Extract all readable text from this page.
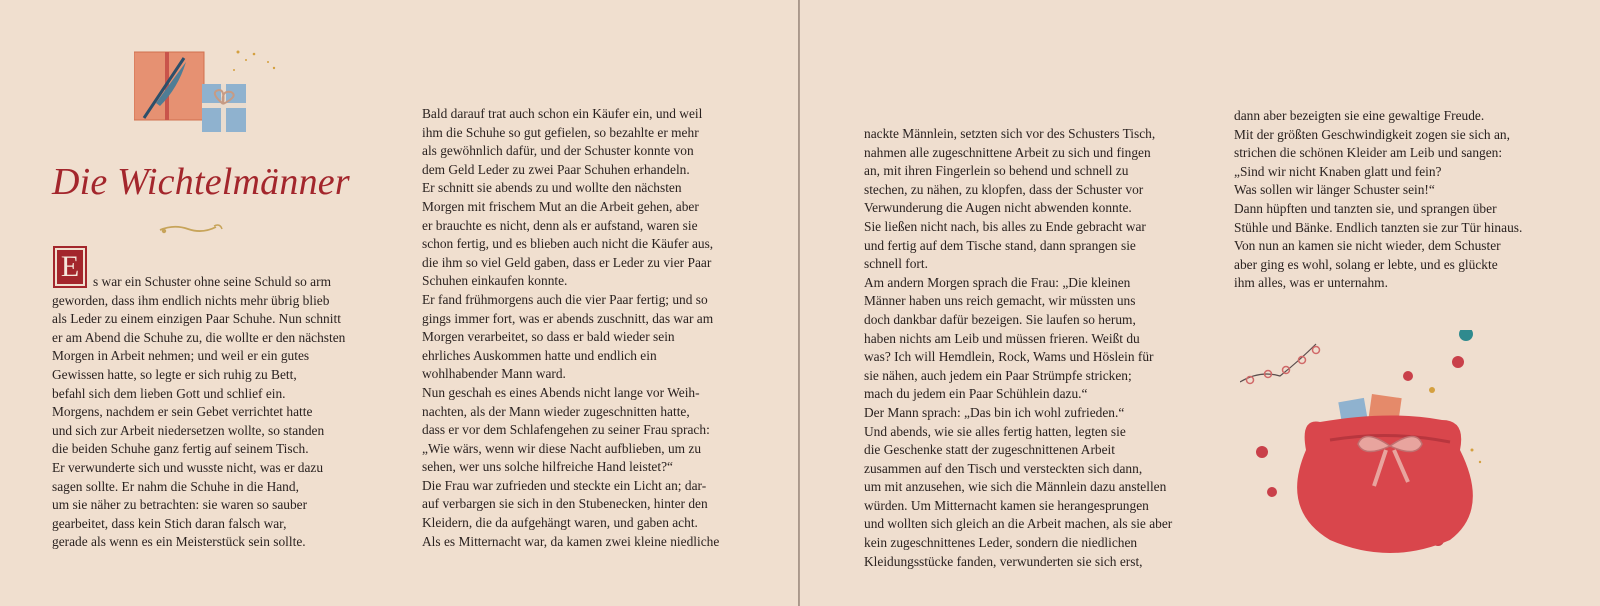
Die Wichtelmänner
E s war ein Schuster ohne seine Schuld so arm
geworden, dass ihm endlich nichts mehr übrig blieb
als Leder zu einem einzigen Paar Schuhe. Nun schnitt
er am Abend die Schuhe zu, die wollte er den nächsten
Morgen in Arbeit nehmen; und weil er ein gutes
Gewissen hatte, so legte er sich ruhig zu Bett,
befahl sich dem lieben Gott und schlief ein.
Morgens, nachdem er sein Gebet verrichtet hatte
und sich zur Arbeit niedersetzen wollte, so standen
die beiden Schuhe ganz fertig auf seinem Tisch.
Er verwunderte sich und wusste nicht, was er dazu
sagen sollte. Er nahm die Schuhe in die Hand,
um sie näher zu betrachten: sie waren so sauber
gearbeitet, dass kein Stich daran falsch war,
gerade als wenn es ein Meisterstück sein sollte.
Bald darauf trat auch schon ein Käufer ein, und weil
ihm die Schuhe so gut gefielen, so bezahlte er mehr
als gewöhnlich dafür, und der Schuster konnte von
dem Geld Leder zu zwei Paar Schuhen erhandeln.
Er schnitt sie abends zu und wollte den nächsten
Morgen mit frischem Mut an die Arbeit gehen, aber
er brauchte es nicht, denn als er aufstand, waren sie
schon fertig, und es blieben auch nicht die Käufer aus,
die ihm so viel Geld gaben, dass er Leder zu vier Paar
Schuhen einkaufen konnte.
Er fand frühmorgens auch die vier Paar fertig; und so
gings immer fort, was er abends zuschnitt, das war am
Morgen verarbeitet, so dass er bald wieder sein
ehrliches Auskommen hatte und endlich ein
wohlhabender Mann ward.
Nun geschah es eines Abends nicht lange vor Weih-
nachten, als der Mann wieder zugeschnitten hatte,
dass er vor dem Schlafengehen zu seiner Frau sprach:
„Wie wärs, wenn wir diese Nacht aufblieben, um zu
sehen, wer uns solche hilfreiche Hand leistet?“
Die Frau war zufrieden und steckte ein Licht an; dar-
auf verbargen sie sich in den Stubenecken, hinter den
Kleidern, die da aufgehängt waren, und gaben acht.
Als es Mitternacht war, da kamen zwei kleine niedliche
nackte Männlein, setzten sich vor des Schusters Tisch,
nahmen alle zugeschnittene Arbeit zu sich und fingen
an, mit ihren Fingerlein so behend und schnell zu
stechen, zu nähen, zu klopfen, dass der Schuster vor
Verwunderung die Augen nicht abwenden konnte.
Sie ließen nicht nach, bis alles zu Ende gebracht war
und fertig auf dem Tische stand, dann sprangen sie
schnell fort.
Am andern Morgen sprach die Frau: „Die kleinen
Männer haben uns reich gemacht, wir müssten uns
doch dankbar dafür bezeigen. Sie laufen so herum,
haben nichts am Leib und müssen frieren. Weißt du
was? Ich will Hemdlein, Rock, Wams und Höslein für
sie nähen, auch jedem ein Paar Strümpfe stricken;
mach du jedem ein Paar Schühlein dazu.“
Der Mann sprach: „Das bin ich wohl zufrieden.“
Und abends, wie sie alles fertig hatten, legten sie
die Geschenke statt der zugeschnittenen Arbeit
zusammen auf den Tisch und versteckten sich dann,
um mit anzusehen, wie sich die Männlein dazu anstellen
würden. Um Mitternacht kamen sie herangesprungen
und wollten sich gleich an die Arbeit machen, als sie aber
kein zugeschnittenes Leder, sondern die niedlichen
Kleidungsstücke fanden, verwunderten sie sich erst,
dann aber bezeigten sie eine gewaltige Freude.
Mit der größten Geschwindigkeit zogen sie sich an,
strichen die schönen Kleider am Leib und sangen:
„Sind wir nicht Knaben glatt und fein?
Was sollen wir länger Schuster sein!“
Dann hüpften und tanzten sie, und sprangen über
Stühle und Bänke. Endlich tanzten sie zur Tür hinaus.
Von nun an kamen sie nicht wieder, dem Schuster
aber ging es wohl, solang er lebte, und es glückte
ihm alles, was er unternahm.
